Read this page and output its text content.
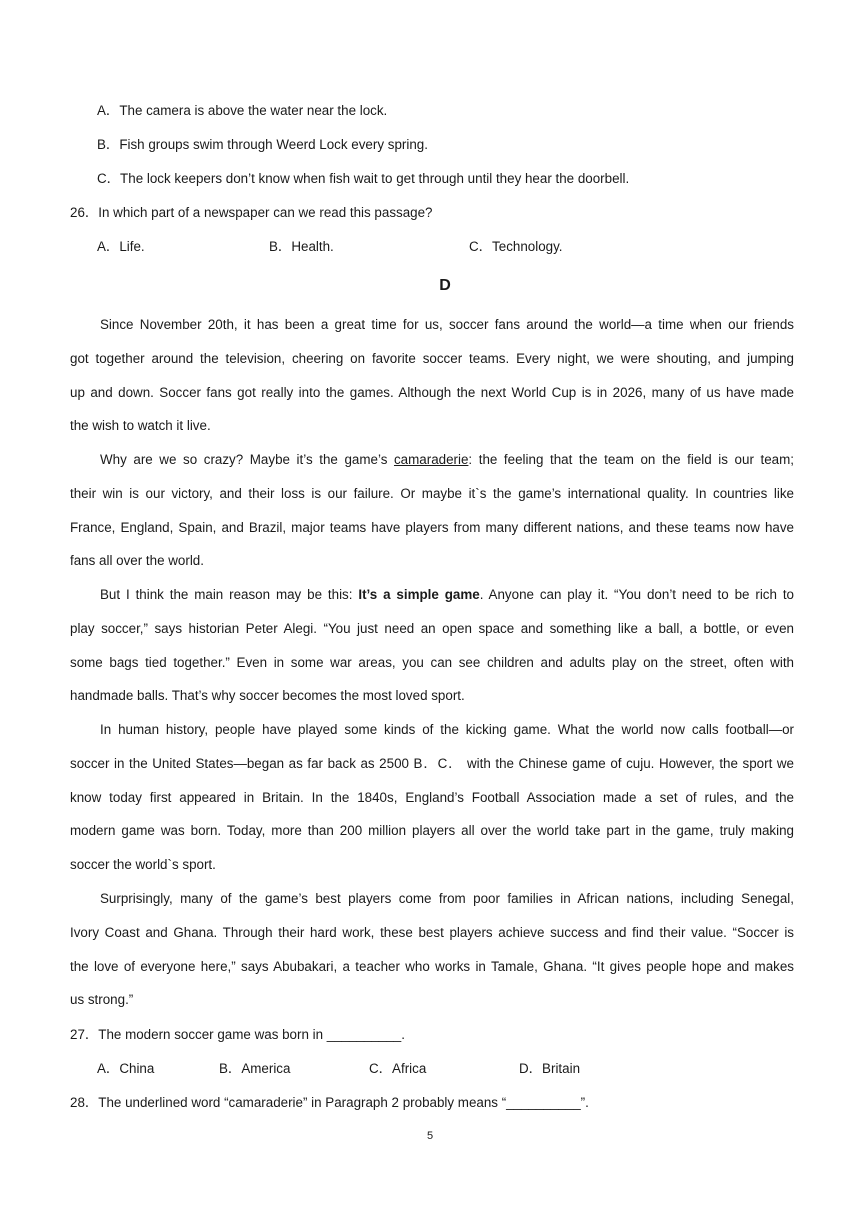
A．The camera is above the water near the lock.
B．Fish groups swim through Weerd Lock every spring.
C．The lock keepers don’t know when fish wait to get through until they hear the doorbell.
26．In which part of a newspaper can we read this passage?
A．Life.	B．Health.	C．Technology.
D
Since November 20th, it has been a great time for us, soccer fans around the world—a time when our friends
got together around the television, cheering on favorite soccer teams. Every night, we were shouting, and jumping
up and down. Soccer fans got really into the games. Although the next World Cup is in 2026, many of us have made
the wish to watch it live.
Why are we so crazy? Maybe it’s the game’s camaraderie: the feeling that the team on the field is our team;
their win is our victory, and their loss is our failure. Or maybe it`s the game’s international quality. In countries like
France, England, Spain, and Brazil, major teams have players from many different nations, and these teams now have
fans all over the world.
But I think the main reason may be this: It’s a simple game. Anyone can play it. “You don’t need to be rich to
play soccer,” says historian Peter Alegi. “You just need an open space and something like a ball, a bottle, or even
some bags tied together.” Even in some war areas, you can see children and adults play on the street, often with
handmade balls. That’s why soccer becomes the most loved sport.
In human history, people have played some kinds of the kicking game. What the world now calls football—or
soccer in the United States—began as far back as 2500 B．C． with the Chinese game of cuju. However, the sport we
know today first appeared in Britain. In the 1840s, England’s Football Association made a set of rules, and the
modern game was born. Today, more than 200 million players all over the world take part in the game, truly making
soccer the world`s sport.
Surprisingly, many of the game’s best players come from poor families in African nations, including Senegal,
Ivory Coast and Ghana. Through their hard work, these best players achieve success and find their value. “Soccer is
the love of everyone here,” says Abubakari, a teacher who works in Tamale, Ghana. “It gives people hope and makes
us strong.”
27．The modern soccer game was born in __________.
A．China	B．America	C．Africa	D．Britain
28．The underlined word “camaraderie” in Paragraph 2 probably means “__________”.
5
